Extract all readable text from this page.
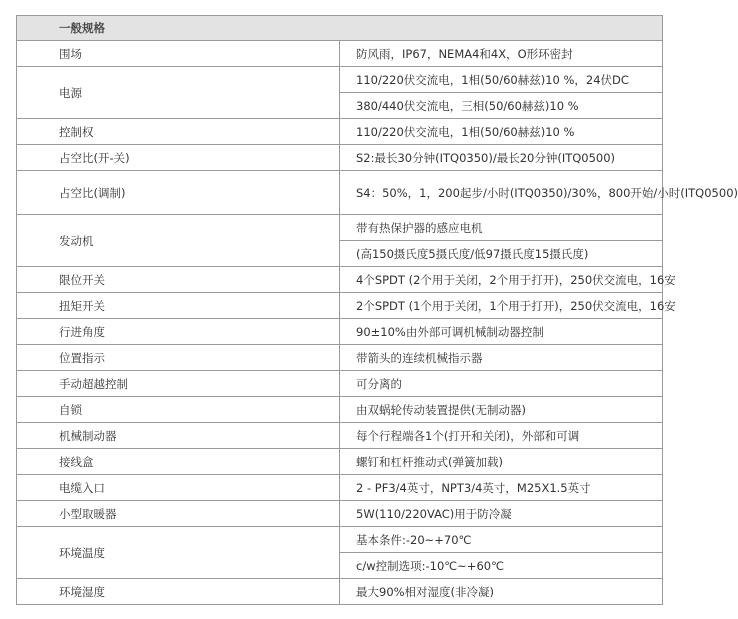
一般规格	
围场	防风雨，IP67，NEMA4和4X，O形环密封
电源	110/220伏交流电，1相(50/60赫兹)10 %，24伏DC
	380/440伏交流电，三相(50/60赫兹)10 %
控制权	110/220伏交流电，1相(50/60赫兹)10 %
占空比(开-关)	S2:最长30分钟(ITQ0350)/最长20分钟(ITQ0500)
占空比(调制)	S4：50%，1，200起步/小时(ITQ0350)/30%，800开始/小时(ITQ0500)

发动机	带有热保护器的感应电机
	(高150摄氏度5摄氏度/低97摄氏度15摄氏度)
限位开关	4个SPDT (2个用于关闭，2个用于打开)，250伏交流电，16安
扭矩开关	2个SPDT (1个用于关闭，1个用于打开)，250伏交流电，16安
行进角度	90±10%由外部可调机械制动器控制
位置指示	带箭头的连续机械指示器
手动超越控制	可分离的
自锁	由双蜗轮传动装置提供(无制动器)
机械制动器	每个行程端各1个(打开和关闭)，外部和可调
接线盒	螺钉和杠杆推动式(弹簧加载)
电缆入口	2 - PF3/4英寸，NPT3/4英寸，M25X1.5英寸
小型取暖器	5W(110/220VAC)用于防冷凝
环境温度	基本条件:-20~+70℃
	c/w控制选项:-10℃~+60℃
环境湿度	最大90%相对湿度(非冷凝)
